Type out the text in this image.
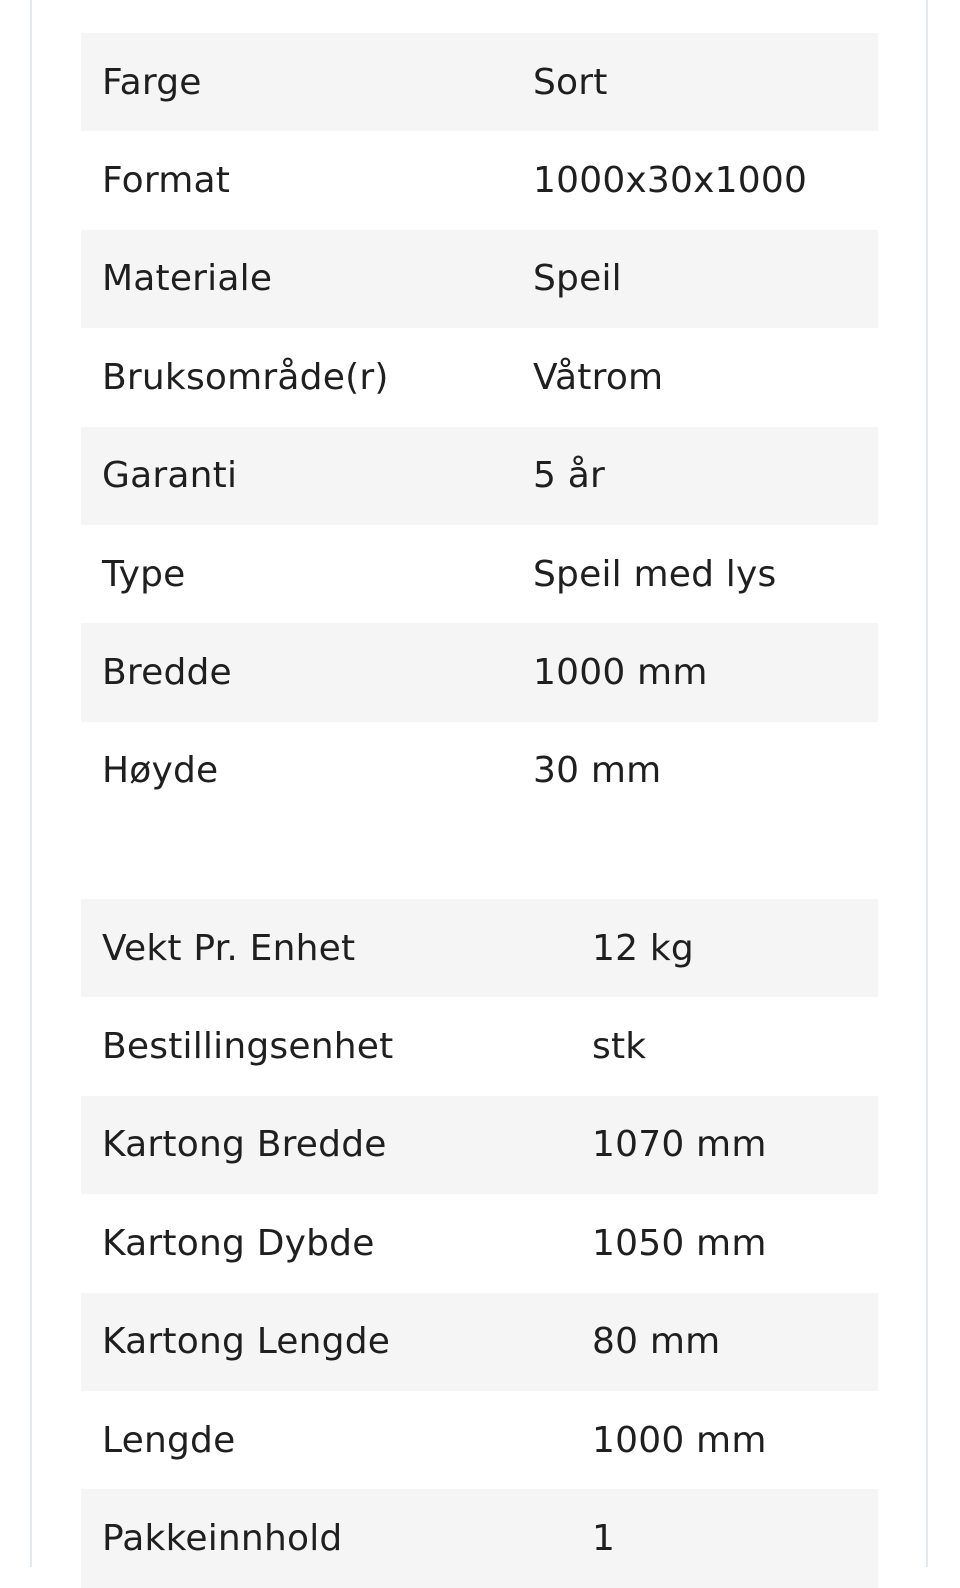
Farge	Sort
Format	1000x30x1000
Materiale	Speil
Bruksområde(r)	Våtrom
Garanti	5 år
Type	Speil med lys
Bredde	1000 mm
Høyde	30 mm
Vekt Pr. Enhet	12 kg
Bestillingsenhet	stk
Kartong Bredde	1070 mm
Kartong Dybde	1050 mm
Kartong Lengde	80 mm
Lengde	1000 mm
Pakkeinnhold	1
